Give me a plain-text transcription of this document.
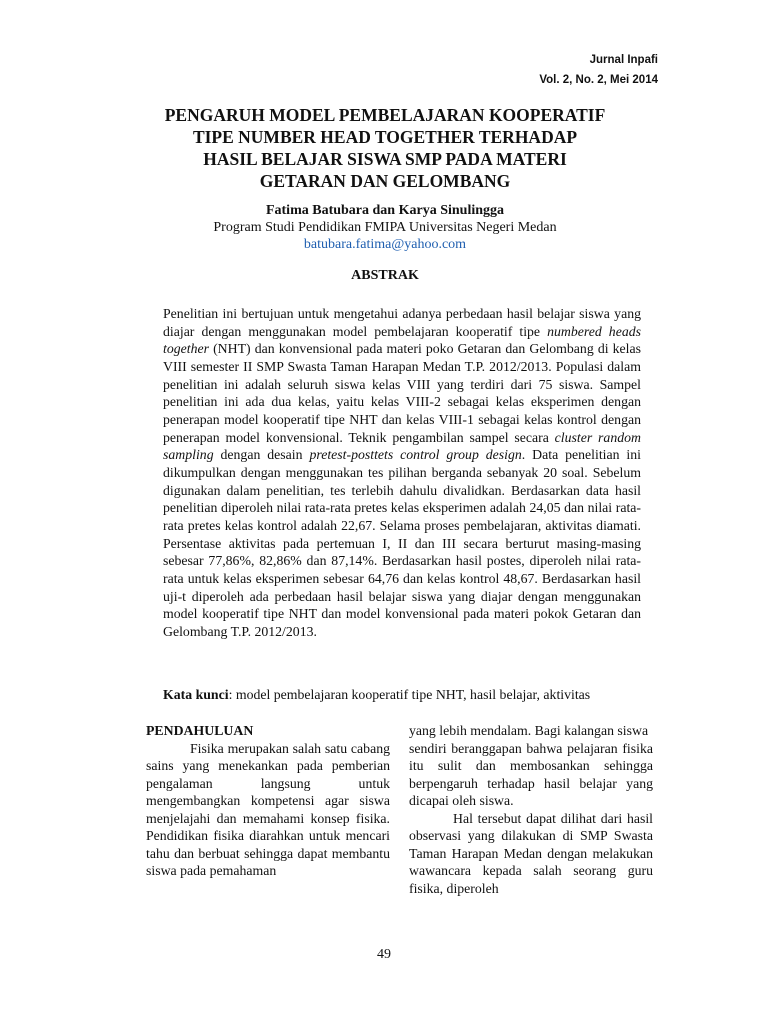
Jurnal Inpafi
Vol. 2, No. 2, Mei 2014
PENGARUH MODEL PEMBELAJARAN KOOPERATIF
TIPE NUMBER HEAD TOGETHER TERHADAP
HASIL BELAJAR SISWA SMP PADA MATERI
GETARAN DAN GELOMBANG
Fatima Batubara dan Karya Sinulingga
Program Studi Pendidikan FMIPA Universitas Negeri Medan
batubara.fatima@yahoo.com
ABSTRAK

Penelitian ini bertujuan untuk mengetahui adanya perbedaan hasil belajar siswa yang diajar dengan menggunakan model pembelajaran kooperatif tipe numbered heads together (NHT) dan konvensional pada materi poko Getaran dan Gelombang di kelas VIII semester II SMP Swasta Taman Harapan Medan T.P. 2012/2013. Populasi dalam penelitian ini adalah seluruh siswa kelas VIII yang terdiri dari 75 siswa. Sampel penelitian ini ada dua kelas, yaitu kelas VIII-2 sebagai kelas eksperimen dengan penerapan model kooperatif tipe NHT dan kelas VIII-1 sebagai kelas kontrol dengan penerapan model konvensional. Teknik pengambilan sampel secara cluster random sampling dengan desain pretest-posttets control group design. Data penelitian ini dikumpulkan dengan menggunakan tes pilihan berganda sebanyak 20 soal. Sebelum digunakan dalam penelitian, tes terlebih dahulu divalidkan. Berdasarkan data hasil penelitian diperoleh nilai rata-rata pretes kelas eksperimen adalah 24,05 dan nilai rata-rata pretes kelas kontrol adalah 22,67. Selama proses pembelajaran, aktivitas diamati. Persentase aktivitas pada pertemuan I, II dan III secara berturut masing-masing sebesar 77,86%, 82,86% dan 87,14%. Berdasarkan hasil postes, diperoleh nilai rata-rata untuk kelas eksperimen sebesar 64,76 dan kelas kontrol 48,67. Berdasarkan hasil uji-t diperoleh ada perbedaan hasil belajar siswa yang diajar dengan menggunakan model kooperatif tipe NHT dan model konvensional pada materi pokok Getaran dan Gelombang T.P. 2012/2013.

Kata kunci: model pembelajaran kooperatif tipe NHT, hasil belajar, aktivitas
PENDAHULUAN

Fisika merupakan salah satu cabang sains yang menekankan pada pemberian pengalaman langsung untuk mengembangkan kompetensi agar siswa menjelajahi dan memahami konsep fisika. Pendidikan fisika diarahkan untuk mencari tahu dan berbuat sehingga dapat membantu siswa pada pemahaman

yang lebih mendalam. Bagi kalangan siswa

sendiri beranggapan bahwa pelajaran fisika itu sulit dan membosankan sehingga berpengaruh terhadap hasil belajar yang dicapai oleh siswa.

Hal tersebut dapat dilihat dari hasil observasi yang dilakukan di SMP Swasta Taman Harapan Medan dengan melakukan wawancara kepada salah seorang guru fisika, diperoleh

49
